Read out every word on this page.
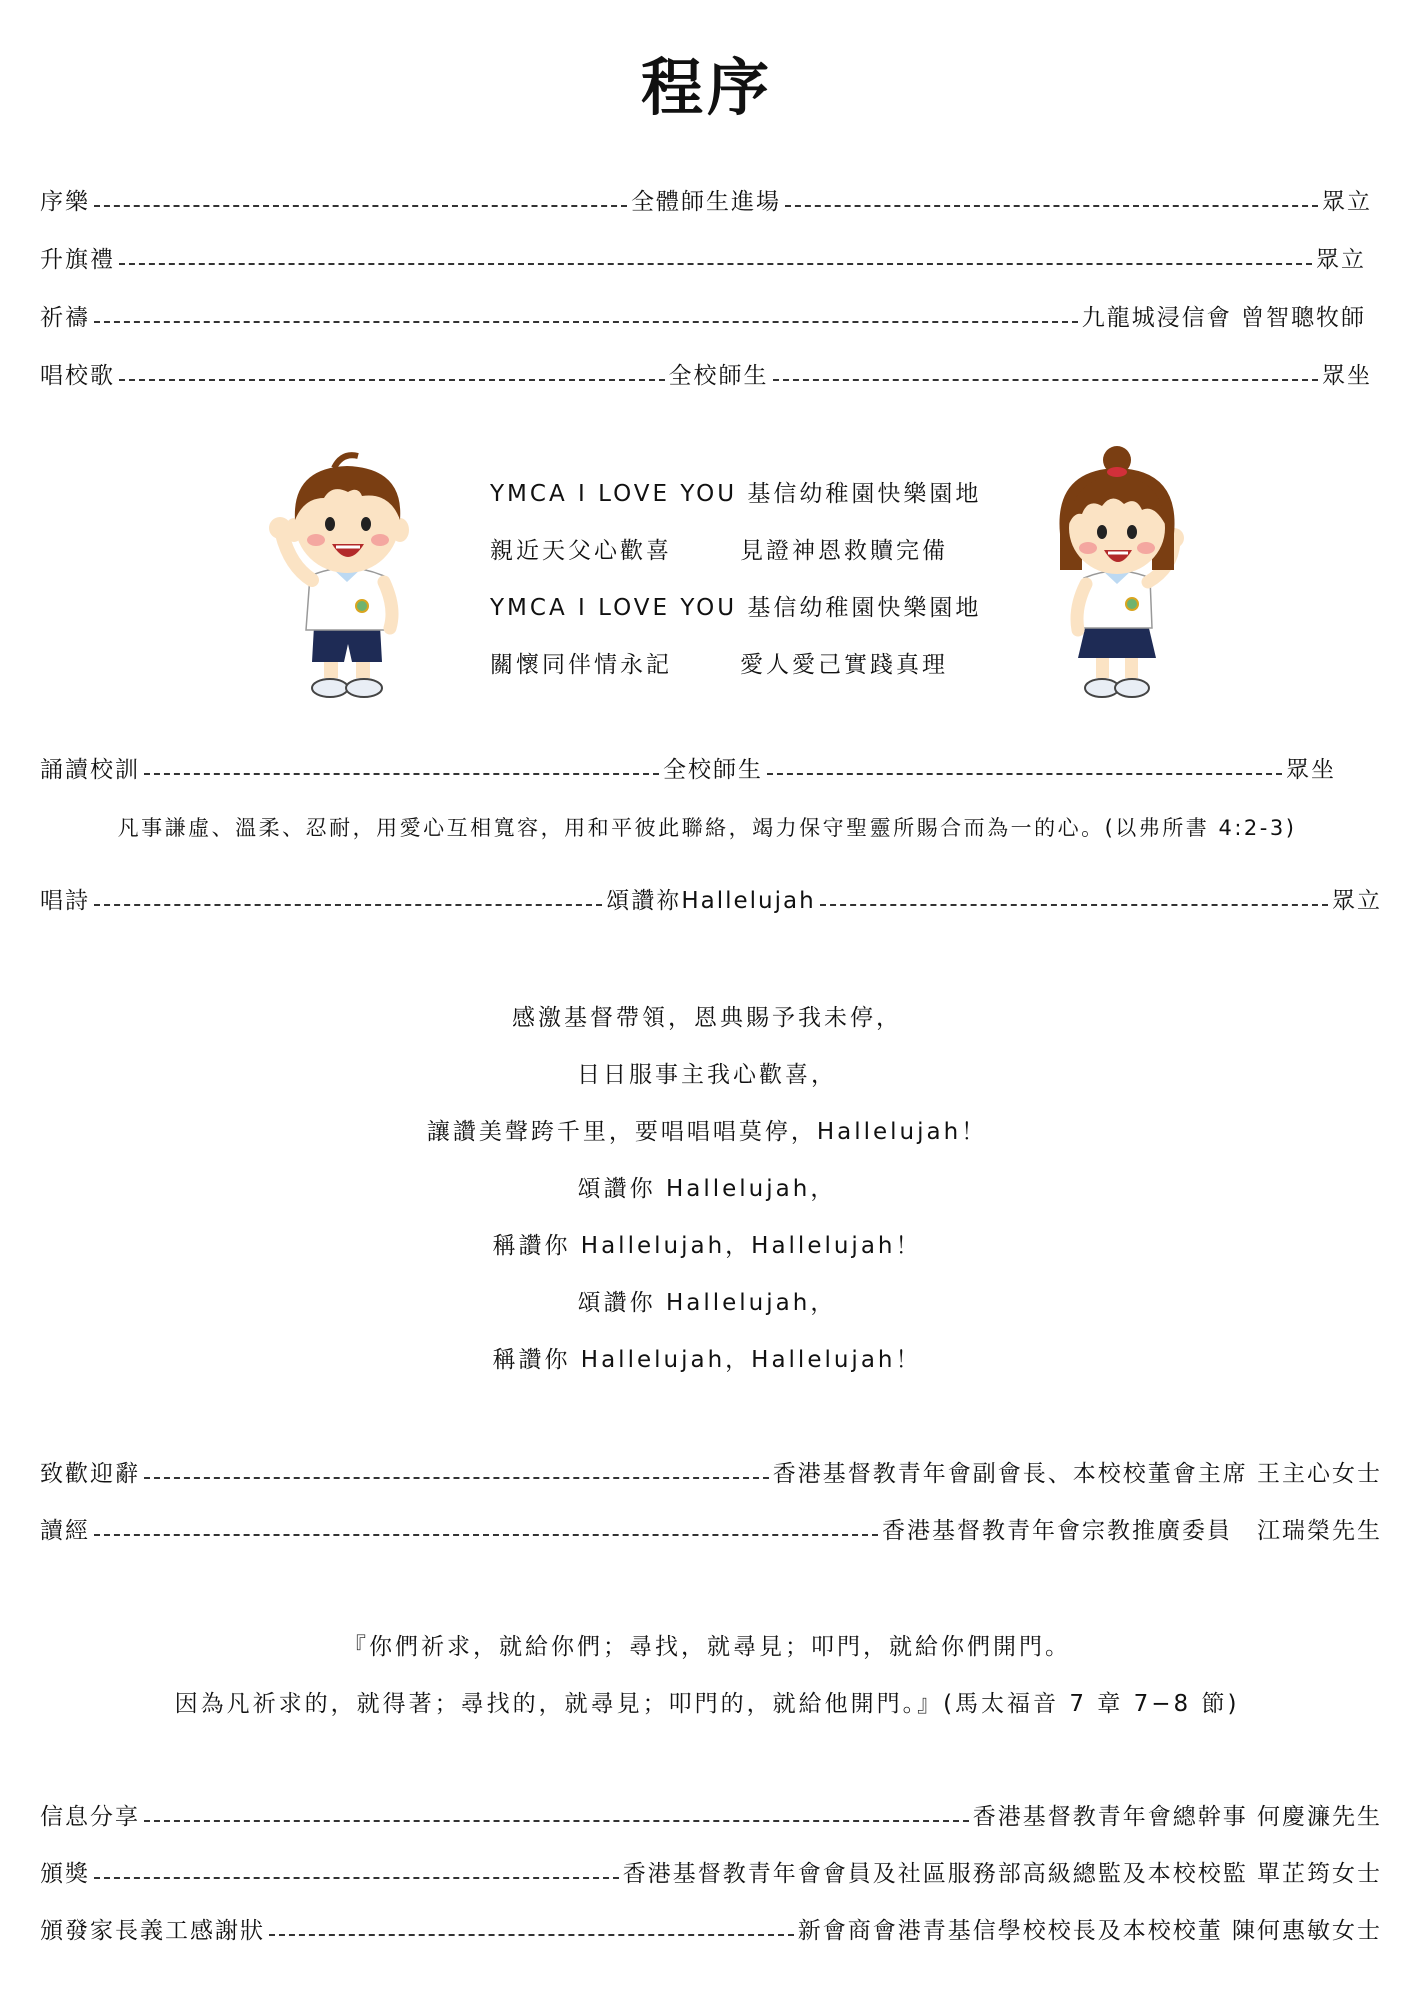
程序
序樂	全體師生進場	眾立
升旗禮	眾立
祈禱	九龍城浸信會 曾智聰牧師
唱校歌	全校師生	眾坐
YMCA I LOVE YOU 基信幼稚園快樂園地
親近天父心歡喜	見證神恩救贖完備
YMCA I LOVE YOU 基信幼稚園快樂園地
關懷同伴情永記	愛人愛己實踐真理
誦讀校訓	全校師生	眾坐
凡事謙虛、溫柔、忍耐，用愛心互相寬容，用和平彼此聯絡，竭力保守聖靈所賜合而為一的心。(以弗所書 4:2-3)
唱詩	頌讚祢Hallelujah	眾立
感激基督帶領，恩典賜予我未停，
日日服事主我心歡喜，
讓讚美聲跨千里，要唱唱唱莫停，Hallelujah！
頌讚你 Hallelujah，
稱讚你 Hallelujah，Hallelujah！
頌讚你 Hallelujah，
稱讚你 Hallelujah，Hallelujah！
致歡迎辭	香港基督教青年會副會長、本校校董會主席 王主心女士
讀經	香港基督教青年會宗教推廣委員　江瑞榮先生
『你們祈求，就給你們；尋找，就尋見；叩門，就給你們開門。
因為凡祈求的，就得著；尋找的，就尋見；叩門的，就給他開門。』(馬太福音 7 章 7−8 節)
信息分享	香港基督教青年會總幹事 何慶濂先生
頒獎	香港基督教青年會會員及社區服務部高級總監及本校校監 單芷筠女士
頒發家長義工感謝狀	新會商會港青基信學校校長及本校校董 陳何惠敏女士
